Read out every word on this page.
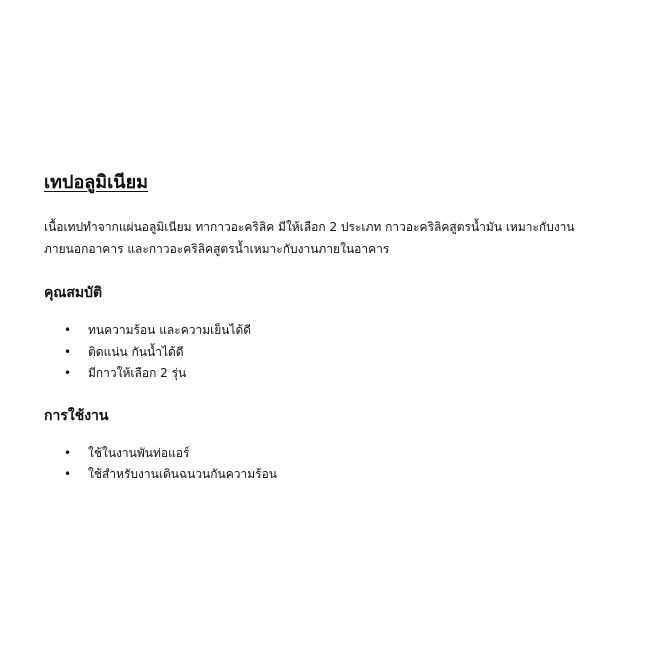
เทปอลูมิเนียม

เนื้อเทปทำจากแผ่นอลูมิเนียม ทากาวอะคริลิค มีให้เลือก 2 ประเภท กาวอะคริลิคสูตรน้ำมัน เหมาะกับงานภายนอกอาคาร และกาวอะคริลิคสูตรน้ำเหมาะกับงานภายในอาคาร

คุณสมบัติ
• ทนความร้อน และความเย็นได้ดี
• ติดแน่น กันน้ำได้ดี
• มีกาวให้เลือก 2 รุ่น
การใช้งาน
• ใช้ในงานพันท่อแอร์
• ใช้สำหรับงานเดินฉนวนกันความร้อน
